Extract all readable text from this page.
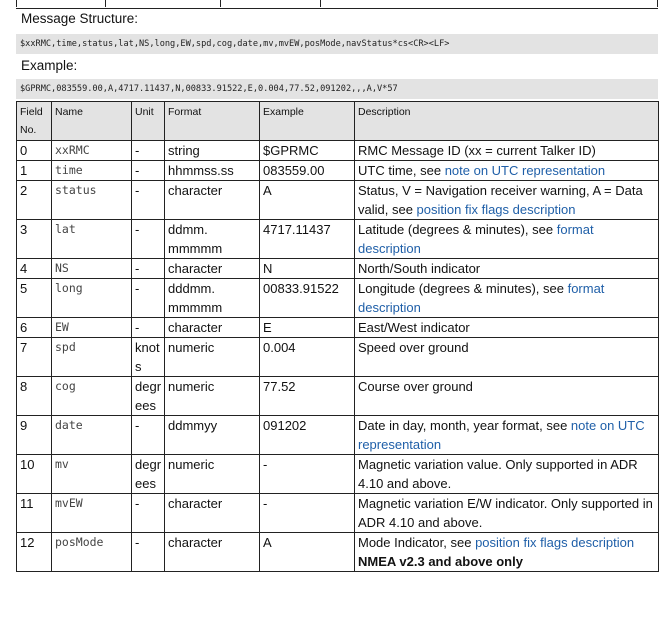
Message Structure:
$xxRMC,time,status,lat,NS,long,EW,spd,cog,date,mv,mvEW,posMode,navStatus*cs<CR><LF>
Example:
$GPRMC,083559.00,A,4717.11437,N,00833.91522,E,0.004,77.52,091202,,,A,V*57
Field
No.	Name	Unit	Format	Example	Description
0	xxRMC	-	string	$GPRMC	RMC Message ID (xx = current Talker ID)
1	time	-	hhmmss.ss	083559.00	UTC time, see note on UTC representation
2	status	-	character	A	Status, V = Navigation receiver warning, A = Data valid, see position fix flags description
3	lat	-	ddmm.
mmmmm	4717.11437	Latitude (degrees & minutes), see format description
4	NS	-	character	N	North/South indicator
5	long	-	dddmm.
mmmmm	00833.91522	Longitude (degrees & minutes), see format description
6	EW	-	character	E	East/West indicator
7	spd	knots	numeric	0.004	Speed over ground
8	cog	degrees	numeric	77.52	Course over ground
9	date	-	ddmmyy	091202	Date in day, month, year format, see note on UTC representation
10	mv	degrees	numeric	-	Magnetic variation value. Only supported in ADR 4.10 and above.
11	mvEW	-	character	-	Magnetic variation E/W indicator. Only supported in ADR 4.10 and above.
12	posMode	-	character	A	Mode Indicator, see position fix flags description
NMEA v2.3 and above only
